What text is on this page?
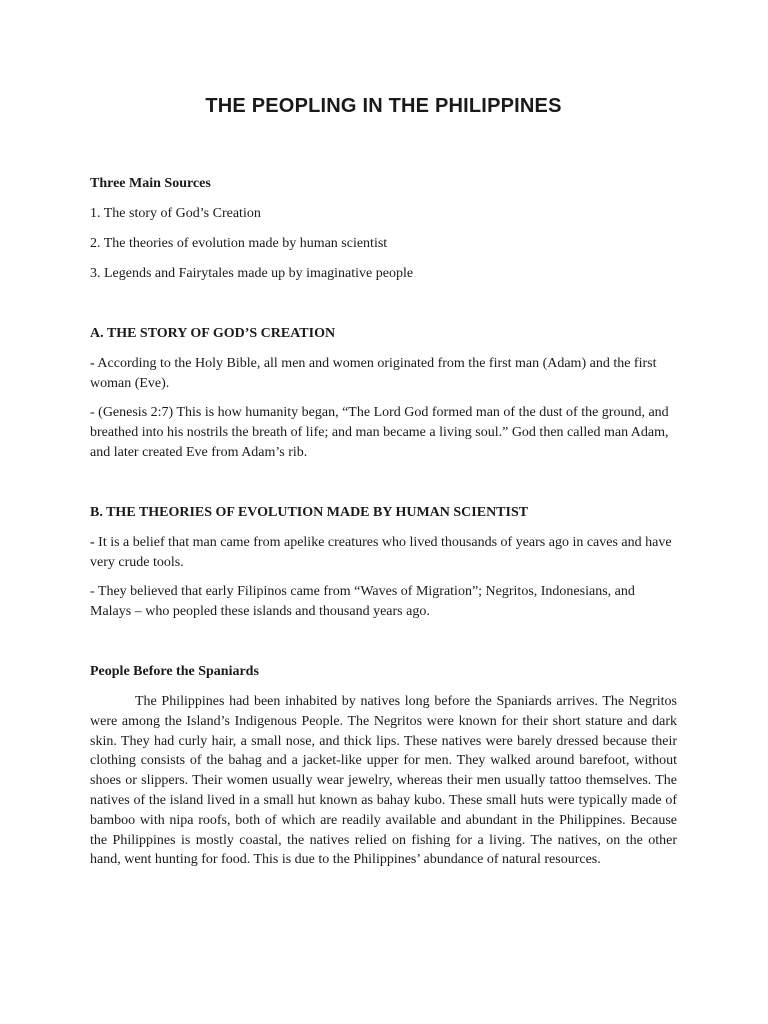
THE PEOPLING IN THE PHILIPPINES

Three Main Sources

1. The story of God’s Creation

2. The theories of evolution made by human scientist

3. Legends and Fairytales made up by imaginative people

A. THE STORY OF GOD’S CREATION

- According to the Holy Bible, all men and women originated from the first man (Adam) and the first woman (Eve).

- (Genesis 2:7) This is how humanity began, “The Lord God formed man of the dust of the ground, and breathed into his nostrils the breath of life; and man became a living soul.” God then called man Adam, and later created Eve from Adam’s rib.

B. THE THEORIES OF EVOLUTION MADE BY HUMAN SCIENTIST

- It is a belief that man came from apelike creatures who lived thousands of years ago in caves and have very crude tools.

- They believed that early Filipinos came from “Waves of Migration”; Negritos, Indonesians, and Malays – who peopled these islands and thousand years ago.

People Before the Spaniards

The Philippines had been inhabited by natives long before the Spaniards arrives. The Negritos were among the Island’s Indigenous People. The Negritos were known for their short stature and dark skin. They had curly hair, a small nose, and thick lips. These natives were barely dressed because their clothing consists of the bahag and a jacket-like upper for men. They walked around barefoot, without shoes or slippers. Their women usually wear jewelry, whereas their men usually tattoo themselves. The natives of the island lived in a small hut known as bahay kubo. These small huts were typically made of bamboo with nipa roofs, both of which are readily available and abundant in the Philippines. Because the Philippines is mostly coastal, the natives relied on fishing for a living. The natives, on the other hand, went hunting for food. This is due to the Philippines’ abundance of natural resources.
